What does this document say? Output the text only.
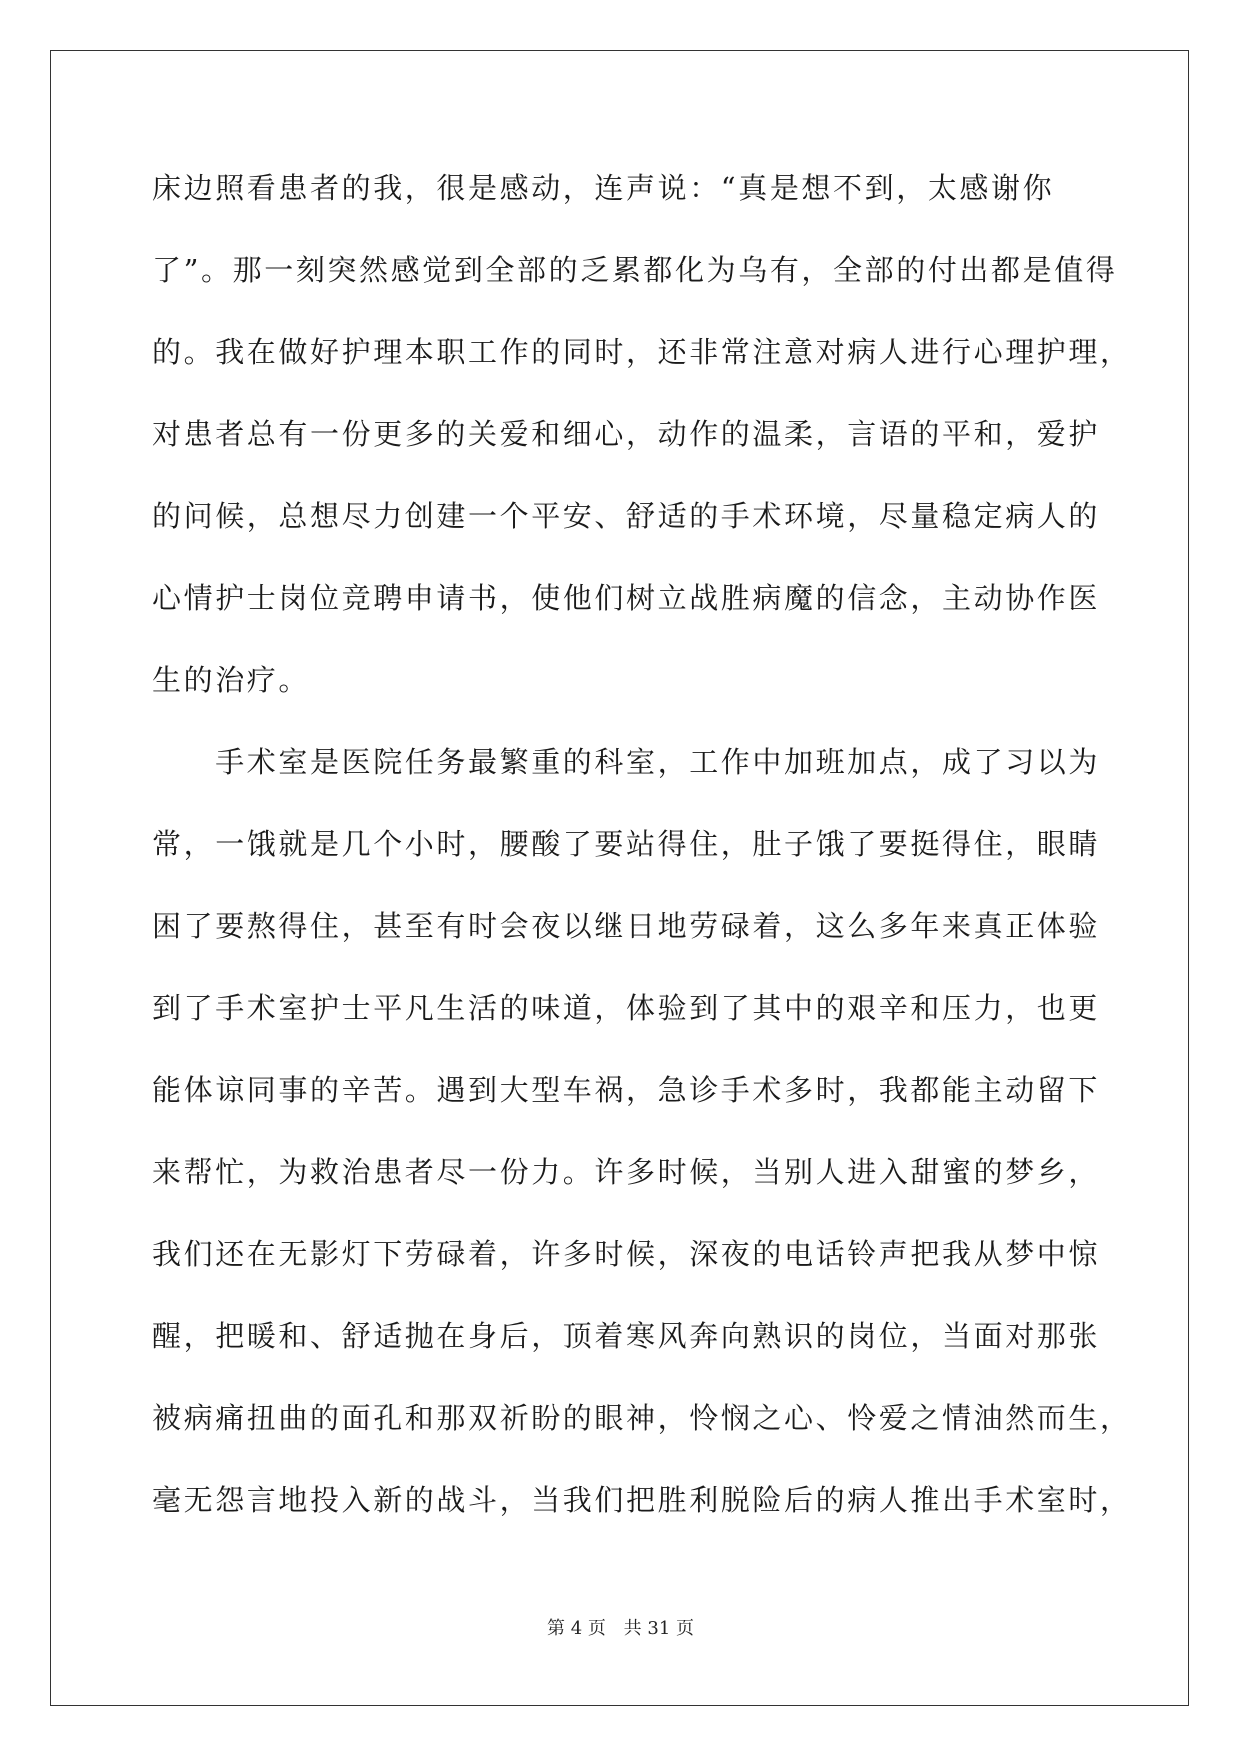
床边照看患者的我，很是感动，连声说：“真是想不到，太感谢你
了”。那一刻突然感觉到全部的乏累都化为乌有，全部的付出都是值得
的。我在做好护理本职工作的同时，还非常注意对病人进行心理护理，
对患者总有一份更多的关爱和细心，动作的温柔，言语的平和，爱护
的问候，总想尽力创建一个平安、舒适的手术环境，尽量稳定病人的
心情护士岗位竞聘申请书，使他们树立战胜病魔的信念，主动协作医
生的治疗。
　　手术室是医院任务最繁重的科室，工作中加班加点，成了习以为
常，一饿就是几个小时，腰酸了要站得住，肚子饿了要挺得住，眼睛
困了要熬得住，甚至有时会夜以继日地劳碌着，这么多年来真正体验
到了手术室护士平凡生活的味道，体验到了其中的艰辛和压力，也更
能体谅同事的辛苦。遇到大型车祸，急诊手术多时，我都能主动留下
来帮忙，为救治患者尽一份力。许多时候，当别人进入甜蜜的梦乡，
我们还在无影灯下劳碌着，许多时候，深夜的电话铃声把我从梦中惊
醒，把暖和、舒适抛在身后，顶着寒风奔向熟识的岗位，当面对那张
被病痛扭曲的面孔和那双祈盼的眼神，怜悯之心、怜爱之情油然而生，
毫无怨言地投入新的战斗，当我们把胜利脱险后的病人推出手术室时，
第 4 页 共 31 页
